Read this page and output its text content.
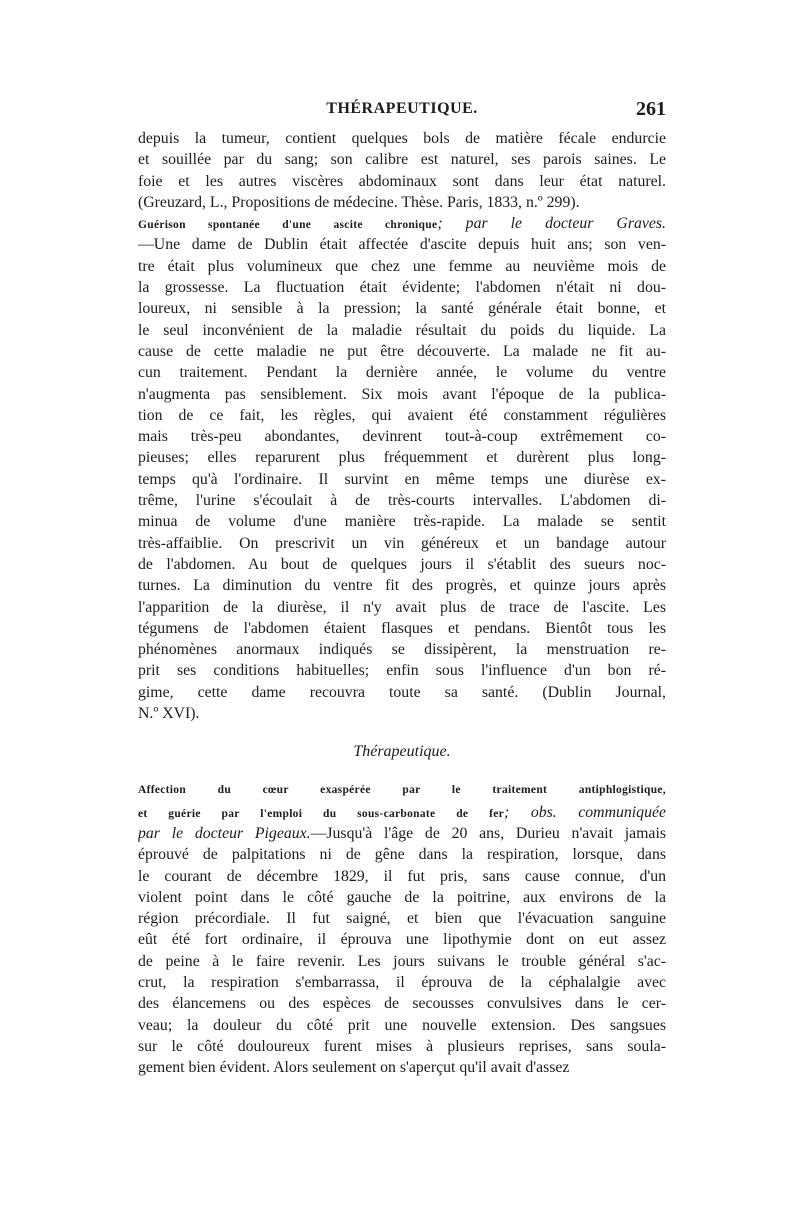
THÉRAPEUTIQUE.	261
depuis la tumeur, contient quelques bols de matière fécale endurcie
et souillée par du sang; son calibre est naturel, ses parois saines. Le
foie et les autres viscères abdominaux sont dans leur état naturel.
(Greuzard, L., Propositions de médecine. Thèse. Paris, 1833, n.º 299).
Guérison spontanée d'une ascite chronique; par le docteur Graves.
—Une dame de Dublin était affectée d'ascite depuis huit ans; son ven-
tre était plus volumineux que chez une femme au neuvième mois de
la grossesse. La fluctuation était évidente; l'abdomen n'était ni dou-
loureux, ni sensible à la pression; la santé générale était bonne, et
le seul inconvénient de la maladie résultait du poids du liquide. La
cause de cette maladie ne put être découverte. La malade ne fit au-
cun traitement. Pendant la dernière année, le volume du ventre
n'augmenta pas sensiblement. Six mois avant l'époque de la publica-
tion de ce fait, les règles, qui avaient été constamment régulières
mais très-peu abondantes, devinrent tout-à-coup extrêmement co-
pieuses; elles reparurent plus fréquemment et durèrent plus long-
temps qu'à l'ordinaire. Il survint en même temps une diurèse ex-
trême, l'urine s'écoulait à de très-courts intervalles. L'abdomen di-
minua de volume d'une manière très-rapide. La malade se sentit
très-affaiblie. On prescrivit un vin généreux et un bandage autour
de l'abdomen. Au bout de quelques jours il s'établit des sueurs noc-
turnes. La diminution du ventre fit des progrès, et quinze jours après
l'apparition de la diurèse, il n'y avait plus de trace de l'ascite. Les
tégumens de l'abdomen étaient flasques et pendans. Bientôt tous les
phénomènes anormaux indiqués se dissipèrent, la menstruation re-
prit ses conditions habituelles; enfin sous l'influence d'un bon ré-
gime, cette dame recouvra toute sa santé. (Dublin Journal,
N.º XVI).
Thérapeutique.
Affection du cœur exaspérée par le traitement antiphlogistique,
et guérie par l'emploi du sous-carbonate de fer; obs. communiquée
par le docteur Pigeaux.—Jusqu'à l'âge de 20 ans, Durieu n'avait jamais
éprouvé de palpitations ni de gêne dans la respiration, lorsque, dans
le courant de décembre 1829, il fut pris, sans cause connue, d'un
violent point dans le côté gauche de la poitrine, aux environs de la
région précordiale. Il fut saigné, et bien que l'évacuation sanguine
eût été fort ordinaire, il éprouva une lipothymie dont on eut assez
de peine à le faire revenir. Les jours suivans le trouble général s'ac-
crut, la respiration s'embarrassa, il éprouva de la céphalalgie avec
des élancemens ou des espèces de secousses convulsives dans le cer-
veau; la douleur du côté prit une nouvelle extension. Des sangsues
sur le côté douloureux furent mises à plusieurs reprises, sans soula-
gement bien évident. Alors seulement on s'aperçut qu'il avait d'assez
